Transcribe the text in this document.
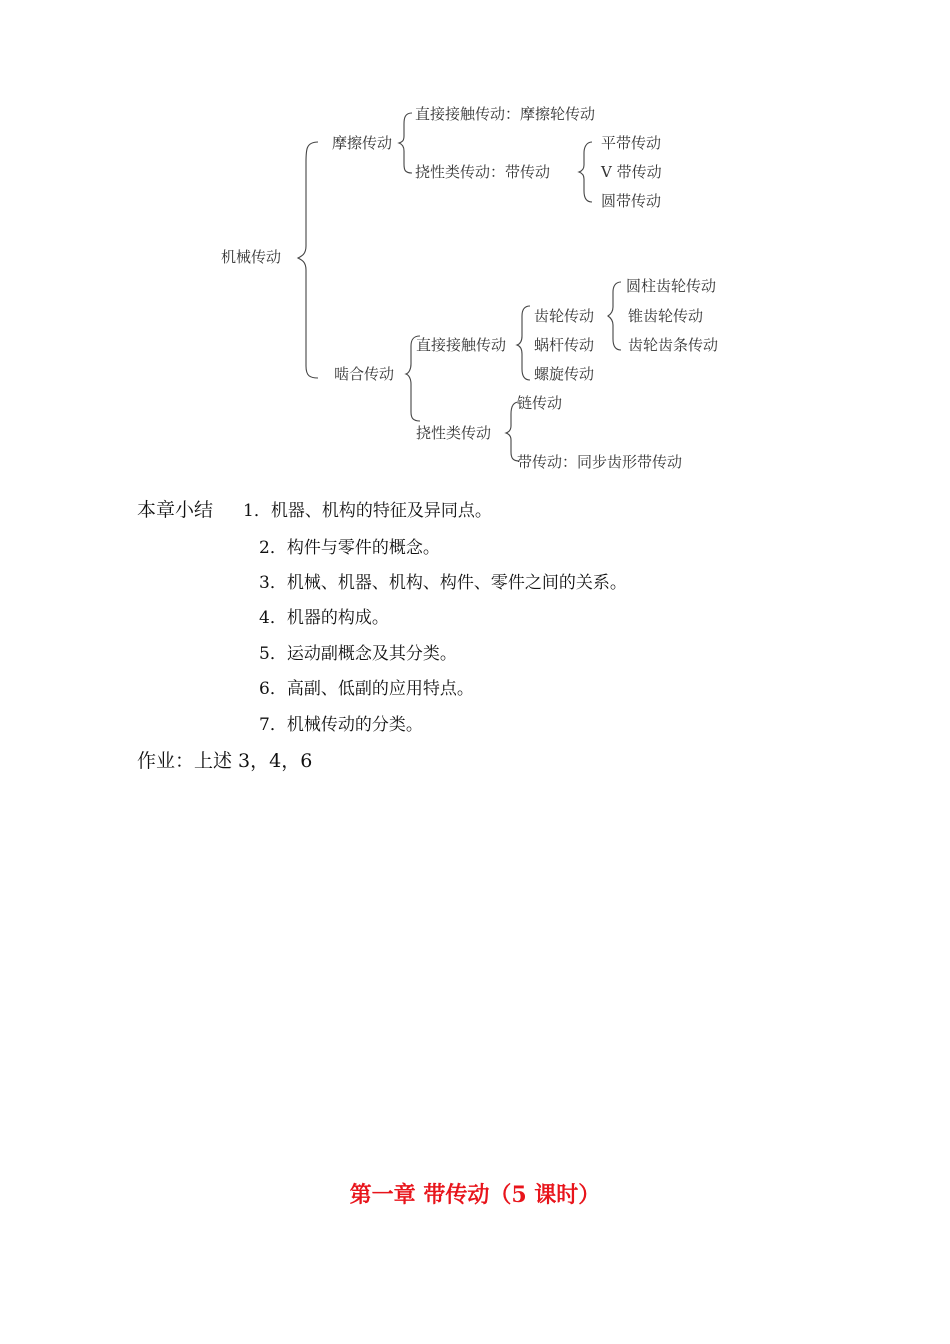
机械传动
摩擦传动
直接接触传动：摩擦轮传动
挠性类传动：带传动
平带传动
V 带传动
圆带传动
啮合传动
直接接触传动
齿轮传动
蜗杆传动
螺旋传动
圆柱齿轮传动
锥齿轮传动
齿轮齿条传动
挠性类传动
链传动
带传动：同步齿形带传动
本章小结 1．机器、机构的特征及异同点。
2．构件与零件的概念。
3．机械、机器、机构、构件、零件之间的关系。
4．机器的构成。
5．运动副概念及其分类。
6．高副、低副的应用特点。
7．机械传动的分类。
作业：上述 3，4，6
第一章 带传动（5 课时）
